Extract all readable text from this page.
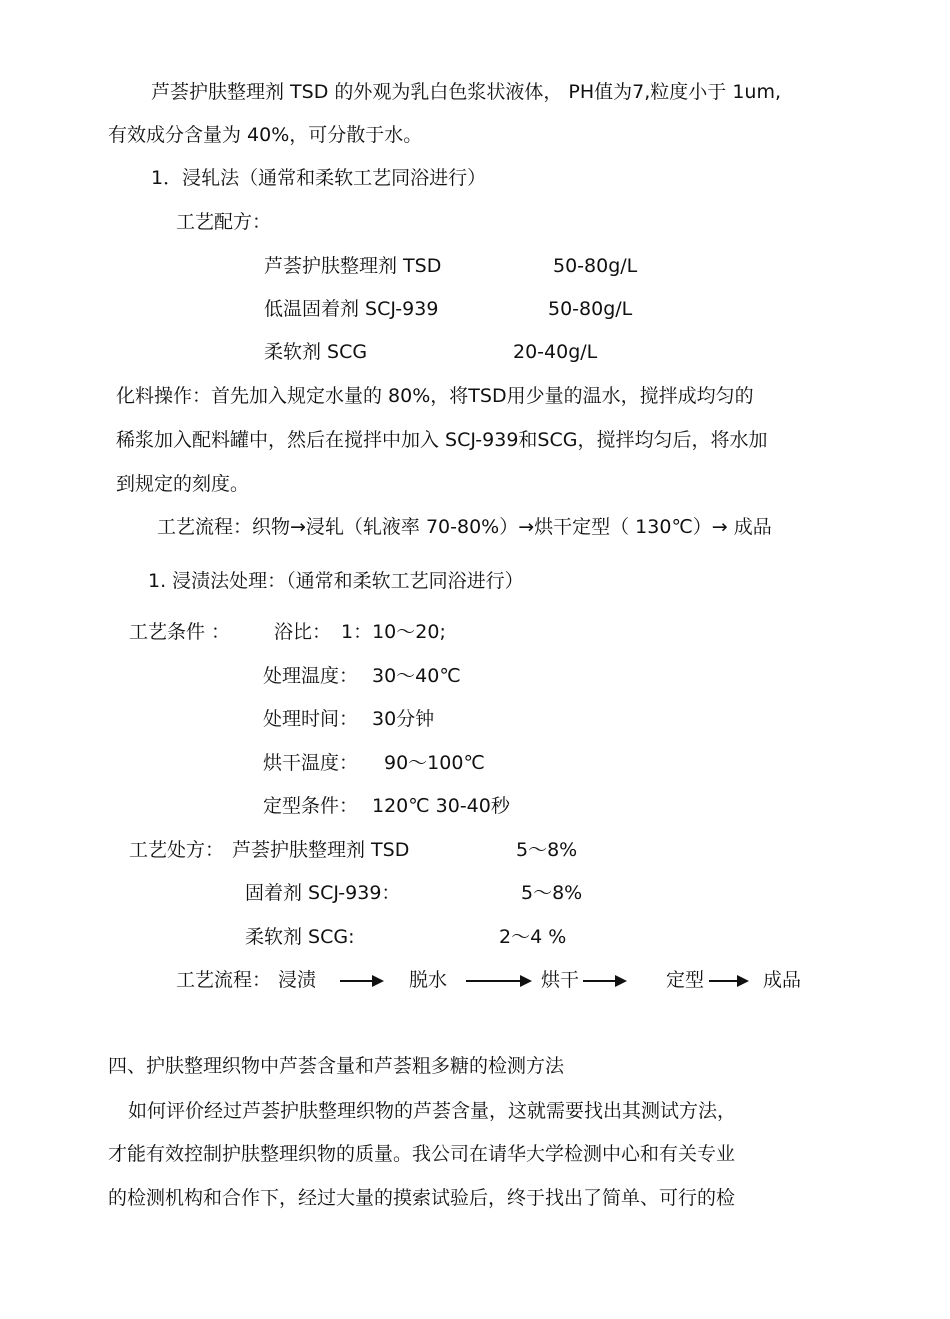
芦荟护肤整理剂 TSD 的外观为乳白色浆状液体， PH值为7,粒度小于 1um,
有效成分含量为 40%，可分散于水。
1．浸轧法（通常和柔软工艺同浴进行）
工艺配方：
芦荟护肤整理剂 TSD	50-80g/L
低温固着剂 SCJ-939	50-80g/L
柔软剂 SCG	20-40g/L
化料操作：首先加入规定水量的 80%，将TSD用少量的温水，搅拌成均匀的
稀浆加入配料罐中，然后在搅拌中加入 SCJ-939和SCG，搅拌均匀后，将水加
到规定的刻度。
工艺流程：织物→浸轧（轧液率 70-80%）→烘干定型（ 130℃）→ 成品
1. 浸渍法处理：（通常和柔软工艺同浴进行）
工艺条件 ： 浴比： 1：10～20;
处理温度： 30～40℃
处理时间： 30分钟
烘干温度： 90～100℃
定型条件： 120℃ 30-40秒
工艺处方： 芦荟护肤整理剂 TSD	5～8%
固着剂 SCJ-939：	5～8%
柔软剂 SCG:	2～4 %
工艺流程： 浸渍	脱水	烘干	定型	成品
四、护肤整理织物中芦荟含量和芦荟粗多糖的检测方法
如何评价经过芦荟护肤整理织物的芦荟含量，这就需要找出其测试方法，
才能有效控制护肤整理织物的质量。我公司在请华大学检测中心和有关专业
的检测机构和合作下，经过大量的摸索试验后，终于找出了简单、可行的检
